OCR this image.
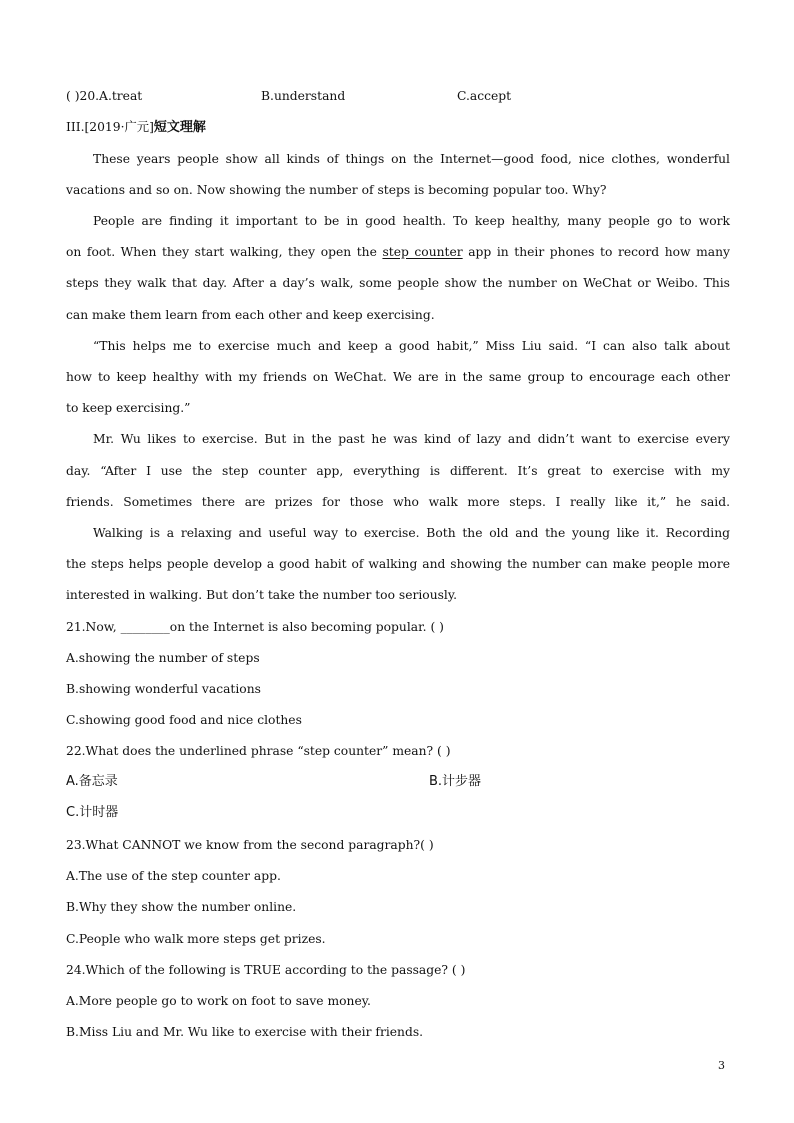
( )20.A.treat	B.understand	C.accept
III.[2019·广元]短文理解
These years people show all kinds of things on the Internet—good food, nice clothes, wonderful
vacations and so on. Now showing the number of steps is becoming popular too. Why?
People are finding it important to be in good health. To keep healthy, many people go to work
on foot. When they start walking, they open the step counter app in their phones to record how many
steps they walk that day. After a day’s walk, some people show the number on WeChat or Weibo. This
can make them learn from each other and keep exercising.
“This helps me to exercise much and keep a good habit,” Miss Liu said. “I can also talk about
how to keep healthy with my friends on WeChat. We are in the same group to encourage each other
to keep exercising.”
Mr. Wu likes to exercise. But in the past he was kind of lazy and didn’t want to exercise every
day. “After I use the step counter app, everything is different. It’s great to exercise with my
friends. Sometimes there are prizes for those who walk more steps. I really like it,” he said.
Walking is a relaxing and useful way to exercise. Both the old and the young like it. Recording
the steps helps people develop a good habit of walking and showing the number can make people more
interested in walking. But don’t take the number too seriously.
21.Now, ________on the Internet is also becoming popular. ( )
A.showing the number of steps
B.showing wonderful vacations
C.showing good food and nice clothes
22.What does the underlined phrase “step counter” mean? ( )
A.备忘录	B.计步器
C.计时器
23.What CANNOT we know from the second paragraph?( )
A.The use of the step counter app.
B.Why they show the number online.
C.People who walk more steps get prizes.
24.Which of the following is TRUE according to the passage? ( )
A.More people go to work on foot to save money.
B.Miss Liu and Mr. Wu like to exercise with their friends.
3
